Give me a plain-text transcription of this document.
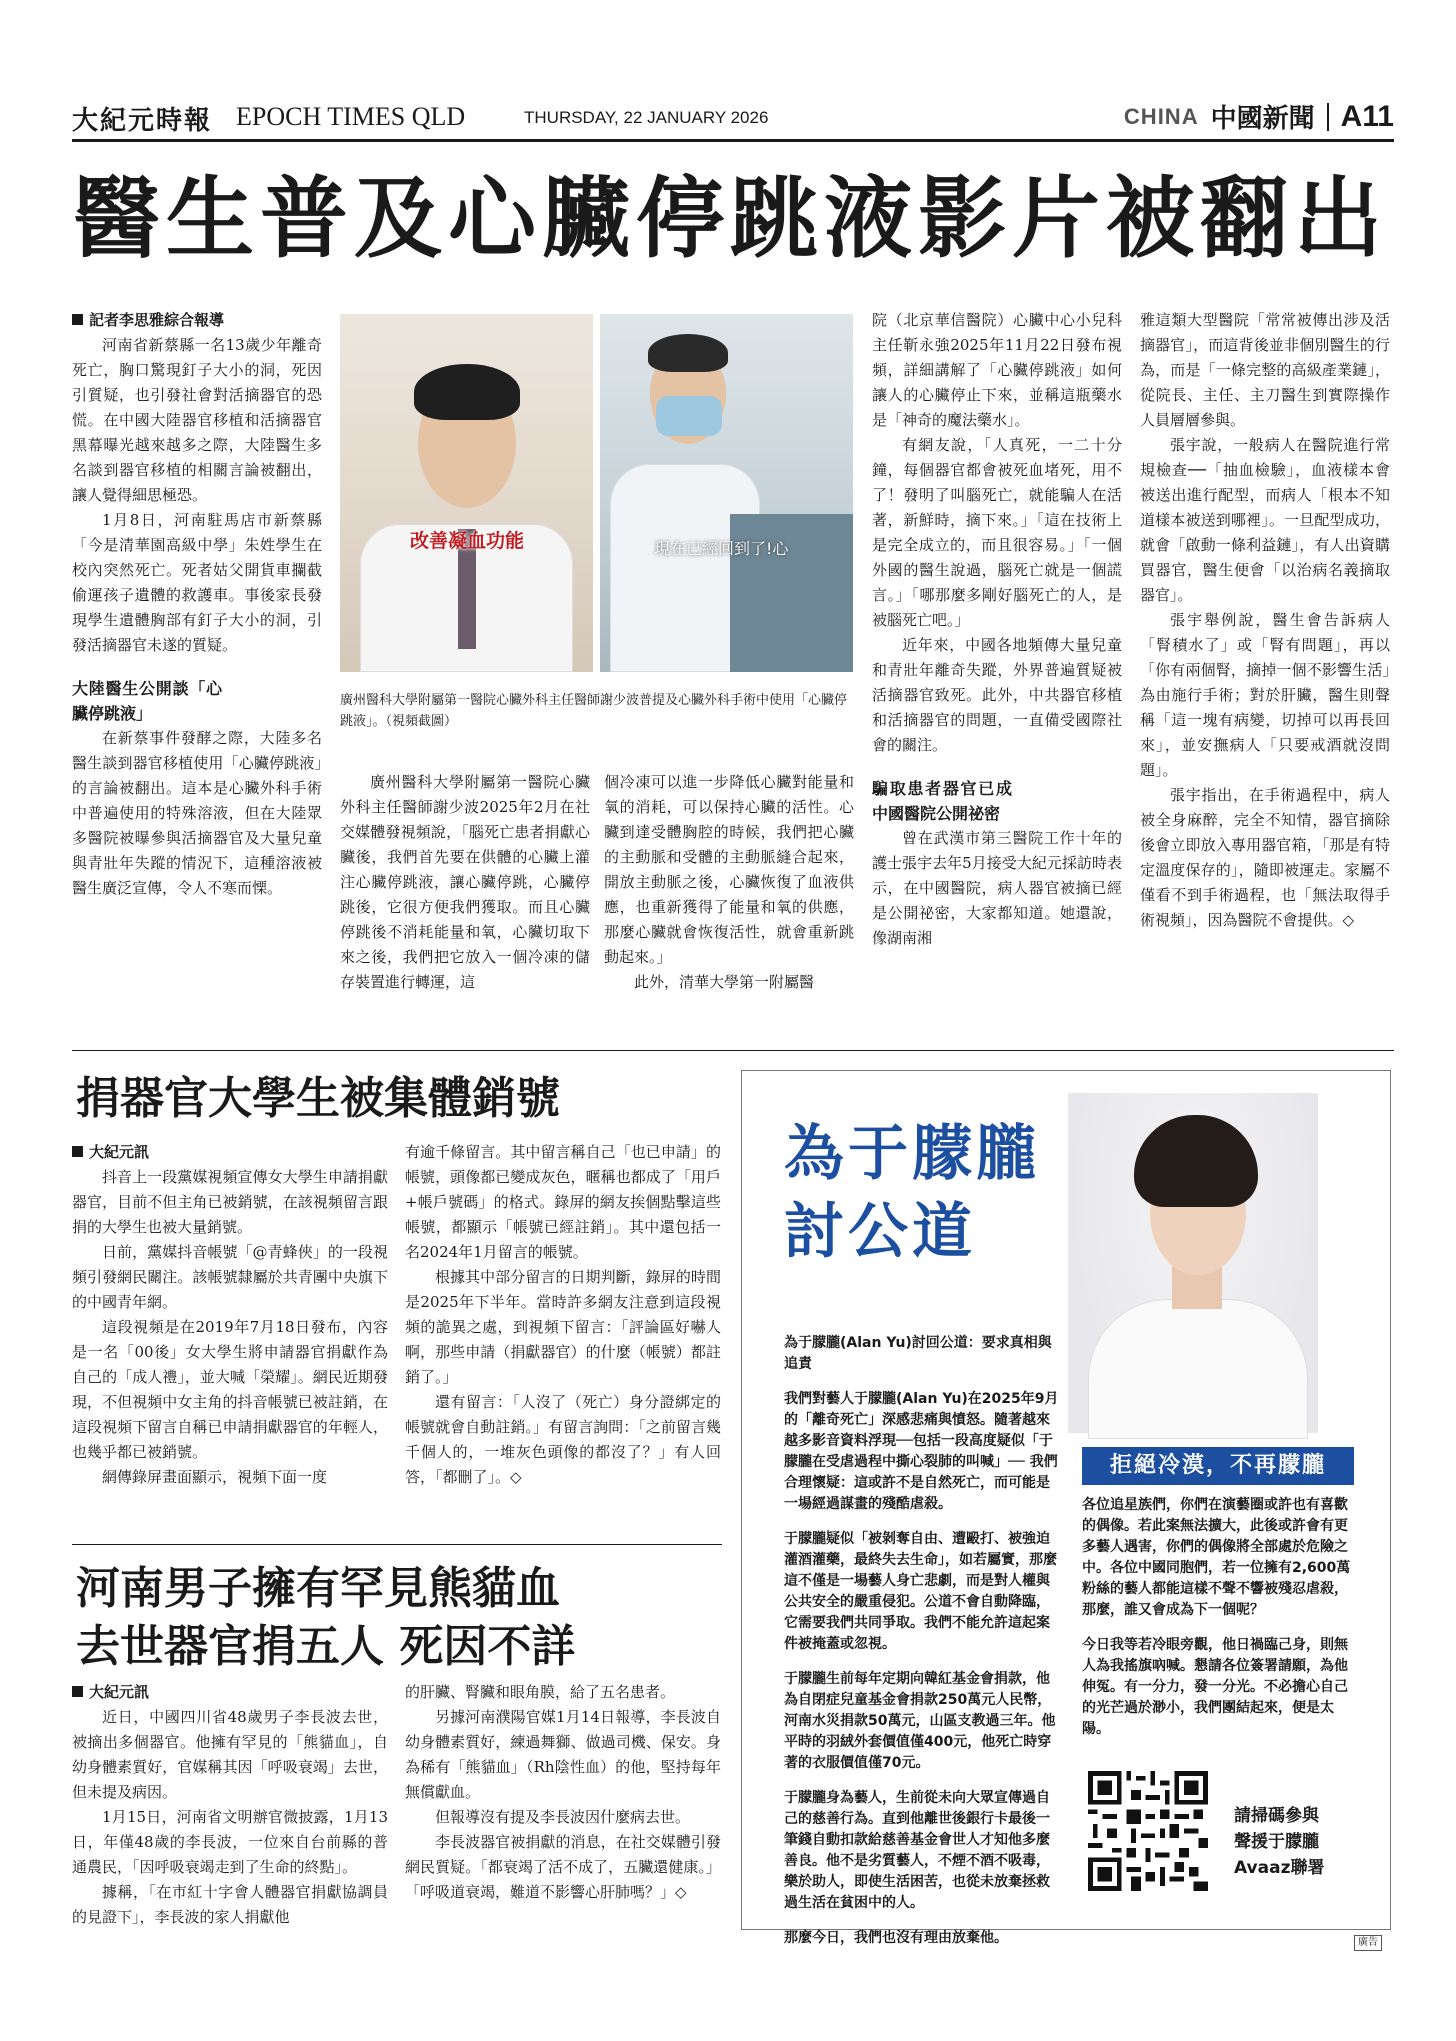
大紀元時報 EPOCH TIMES QLD	THURSDAY, 22 JANUARY 2026	CHINA 中國新聞 A11
醫生普及心臟停跳液影片被翻出
記者李思雅綜合報導

河南省新蔡縣一名13歲少年離奇死亡，胸口驚現釘子大小的洞，死因引質疑，也引發社會對活摘器官的恐慌。在中國大陸器官移植和活摘器官黑幕曝光越來越多之際，大陸醫生多名談到器官移植的相關言論被翻出，讓人覺得細思極恐。

1月8日，河南駐馬店市新蔡縣「今是清華園高級中學」朱姓學生在校內突然死亡。死者姑父開貨車攔截偷運孩子遺體的救護車。事後家長發現學生遺體胸部有釘子大小的洞，引發活摘器官未遂的質疑。

大陸醫生公開談「心臟停跳液」

在新蔡事件發酵之際，大陸多名醫生談到器官移植使用「心臟停跳液」的言論被翻出。這本是心臟外科手術中普遍使用的特殊溶液，但在大陸眾多醫院被曝參與活摘器官及大量兒童與青壯年失蹤的情況下，這種溶液被醫生廣泛宣傳，令人不寒而慄。

改善凝血功能	現在已經回到了!心
廣州醫科大學附屬第一醫院心臟外科主任醫師謝少波普提及心臟外科手術中使用「心臟停跳液」。（視頻截圖）

廣州醫科大學附屬第一醫院心臟外科主任醫師謝少波2025年2月在社交媒體發視頻說，「腦死亡患者捐獻心臟後，我們首先要在供體的心臟上灌注心臟停跳液，讓心臟停跳，心臟停跳後，它很方便我們獲取。而且心臟停跳後不消耗能量和氧，心臟切取下來之後，我們把它放入一個冷凍的儲存裝置進行轉運，這

個冷凍可以進一步降低心臟對能量和氧的消耗，可以保持心臟的活性。心臟到達受體胸腔的時候，我們把心臟的主動脈和受體的主動脈縫合起來，開放主動脈之後，心臟恢復了血液供應，也重新獲得了能量和氧的供應，那麼心臟就會恢復活性，就會重新跳動起來。」

此外，清華大學第一附屬醫

院（北京華信醫院）心臟中心小兒科主任靳永強2025年11月22日發布視頻，詳細講解了「心臟停跳液」如何讓人的心臟停止下來，並稱這瓶藥水是「神奇的魔法藥水」。

有網友說，「人真死，一二十分鐘，每個器官都會被死血堵死，用不了！發明了叫腦死亡，就能騙人在活著，新鮮時，摘下來。」「這在技術上是完全成立的，而且很容易。」「一個外國的醫生說過，腦死亡就是一個謊言。」「哪那麼多剛好腦死亡的人，是被腦死亡吧。」

近年來，中國各地頻傳大量兒童和青壯年離奇失蹤，外界普遍質疑被活摘器官致死。此外，中共器官移植和活摘器官的問題，一直備受國際社會的關注。

騙取患者器官已成中國醫院公開祕密

曾在武漢市第三醫院工作十年的護士張宇去年5月接受大紀元採訪時表示，在中國醫院，病人器官被摘已經是公開祕密，大家都知道。她還說，像湖南湘

雅這類大型醫院「常常被傳出涉及活摘器官」，而這背後並非個別醫生的行為，而是「一條完整的高級產業鏈」，從院長、主任、主刀醫生到實際操作人員層層參與。

張宇說，一般病人在醫院進行常規檢查──「抽血檢驗」，血液樣本會被送出進行配型，而病人「根本不知道樣本被送到哪裡」。一旦配型成功，就會「啟動一條利益鏈」，有人出資購買器官，醫生便會「以治病名義摘取器官」。

張宇舉例說，醫生會告訴病人「腎積水了」或「腎有問題」，再以「你有兩個腎，摘掉一個不影響生活」為由施行手術；對於肝臟，醫生則聲稱「這一塊有病變，切掉可以再長回來」，並安撫病人「只要戒酒就沒問題」。

張宇指出，在手術過程中，病人被全身麻醉，完全不知情，器官摘除後會立即放入專用器官箱，「那是有特定溫度保存的」，隨即被運走。家屬不僅看不到手術過程，也「無法取得手術視頻」，因為醫院不會提供。◇

捐器官大學生被集體銷號
大紀元訊

抖音上一段黨媒視頻宣傳女大學生申請捐獻器官，目前不但主角已被銷號，在該視頻留言跟捐的大學生也被大量銷號。

日前，黨媒抖音帳號「@青蜂俠」的一段視頻引發網民關注。該帳號隸屬於共青團中央旗下的中國青年網。

這段視頻是在2019年7月18日發布，內容是一名「00後」女大學生將申請器官捐獻作為自己的「成人禮」，並大喊「榮耀」。網民近期發現，不但視頻中女主角的抖音帳號已被註銷，在這段視頻下留言自稱已申請捐獻器官的年輕人，也幾乎都已被銷號。

網傳錄屏畫面顯示，視頻下面一度

有逾千條留言。其中留言稱自己「也已申請」的帳號，頭像都已變成灰色，暱稱也都成了「用戶+帳戶號碼」的格式。錄屏的網友挨個點擊這些帳號，都顯示「帳號已經註銷」。其中還包括一名2024年1月留言的帳號。

根據其中部分留言的日期判斷，錄屏的時間是2025年下半年。當時許多網友注意到這段視頻的詭異之處，到視頻下留言：「評論區好嚇人啊，那些申請（捐獻器官）的什麼（帳號）都註銷了。」

還有留言：「人沒了（死亡）身分證綁定的帳號就會自動註銷。」有留言詢問：「之前留言幾千個人的，一堆灰色頭像的都沒了？」有人回答，「都刪了」。◇

河南男子擁有罕見熊貓血
去世器官捐五人 死因不詳
大紀元訊

近日，中國四川省48歲男子李長波去世，被摘出多個器官。他擁有罕見的「熊貓血」，自幼身體素質好，官媒稱其因「呼吸衰竭」去世，但未提及病因。

1月15日，河南省文明辦官微披露，1月13日，年僅48歲的李長波，一位來自台前縣的普通農民，「因呼吸衰竭走到了生命的終點」。

據稱，「在市紅十字會人體器官捐獻協調員的見證下」，李長波的家人捐獻他

的肝臟、腎臟和眼角膜，給了五名患者。

另據河南濮陽官媒1月14日報導，李長波自幼身體素質好，練過舞獅、做過司機、保安。身為稀有「熊貓血」（Rh陰性血）的他，堅持每年無償獻血。

但報導沒有提及李長波因什麼病去世。

李長波器官被捐獻的消息，在社交媒體引發網民質疑。「都衰竭了活不成了，五臟還健康。」「呼吸道衰竭，難道不影響心肝肺嗎？」◇

為于朦朧
討公道

為于朦朧(Alan Yu)討回公道：要求真相與追責

我們對藝人于朦朧(Alan Yu)在2025年9月的「離奇死亡」深感悲痛與憤怒。隨著越來越多影音資料浮現──包括一段高度疑似「于朦朧在受虐過程中撕心裂肺的叫喊」── 我們合理懷疑：這或許不是自然死亡，而可能是一場經過謀畫的殘酷虐殺。

于朦朧疑似「被剝奪自由、遭毆打、被強迫灌酒灌藥，最終失去生命」，如若屬實，那麼這不僅是一場藝人身亡悲劇，而是對人權與公共安全的嚴重侵犯。公道不會自動降臨，它需要我們共同爭取。我們不能允許這起案件被掩蓋或忽視。

于朦朧生前每年定期向韓紅基金會捐款，他為自閉症兒童基金會捐款250萬元人民幣，河南水災捐款50萬元，山區支教過三年。他平時的羽絨外套價值僅400元，他死亡時穿著的衣服價值僅70元。

于朦朧身為藝人，生前從未向大眾宣傳過自己的慈善行為。直到他離世後銀行卡最後一筆錢自動扣款給慈善基金會世人才知他多麼善良。他不是劣質藝人，不煙不酒不吸毒，樂於助人，即使生活困苦，也從未放棄拯救過生活在貧困中的人。

那麼今日，我們也沒有理由放棄他。

拒絕冷漠，不再朦朧

各位追星族們，你們在演藝圈或許也有喜歡的偶像。若此案無法擴大，此後或許會有更多藝人遇害，你們的偶像將全部處於危險之中。各位中國同胞們，若一位擁有2,600萬粉絲的藝人都能這樣不聲不響被殘忍虐殺，那麼，誰又會成為下一個呢？

今日我等若冷眼旁觀，他日禍臨己身，則無人為我搖旗吶喊。懇請各位簽署請願，為他伸冤。有一分力，發一分光。不必擔心自己的光芒過於渺小，我們團結起來，便是太陽。

請掃碼參與
聲援于朦朧
Avaaz聯署
廣告
